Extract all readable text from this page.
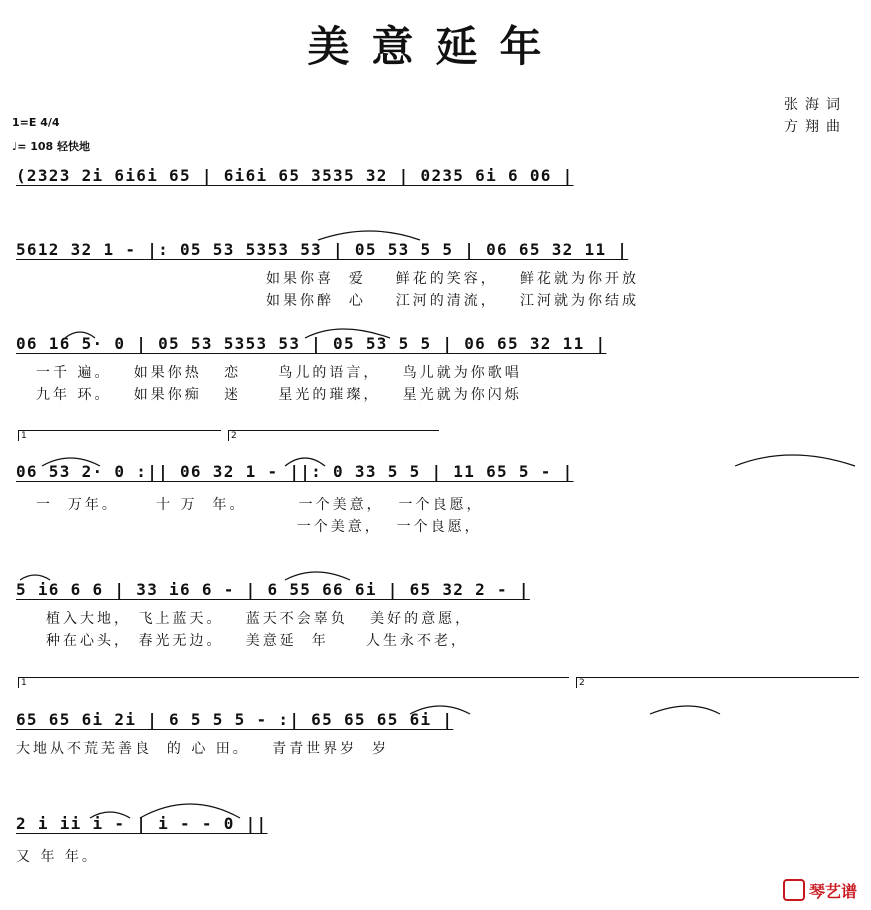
美意延年
张海词
方翔曲
1=E 4/4
♩= 108 轻快地
(2323 2i 6i6i 65 | 6i6i 65 3535 32 | 0235 6i 6 06 |
5612 32 1 - |: 05 53 5353 53 | 05 53 5 5 | 06 65 32 11 |
如果你喜  爱    鲜花的笑容，   鲜花就为你开放
如果你醉  心    江河的清流，   江河就为你结成
06 16 5· 0 | 05 53 5353 53 | 05 53 5 5 | 06 65 32 11 |
一千 遍。   如果你热   恋     鸟儿的语言，   鸟儿就为你歌唱
九年 环。   如果你痴   迷     星光的璀璨，   星光就为你闪烁
1	2
06 53 2· 0 :|| 06 32 1 - ||: 0 33 5 5 | 11 65 5 - |
一  万年。     十 万  年。       一个美意，  一个良愿，
一个美意，  一个良愿，
5 i6 6 6 | 33 i6 6 - | 6 55 66 6i | 65 32 2 - |
植入大地， 飞上蓝天。   蓝天不会辜负   美好的意愿，
种在心头， 春光无边。   美意延  年     人生永不老，
1	2
65 65 6i 2i | 6 5 5 5 - :| 65 65 65 6i |
大地从不荒芜善良  的 心 田。   青青世界岁  岁
2 i ii i - | i - - 0 ||
又 年 年。
琴艺谱
